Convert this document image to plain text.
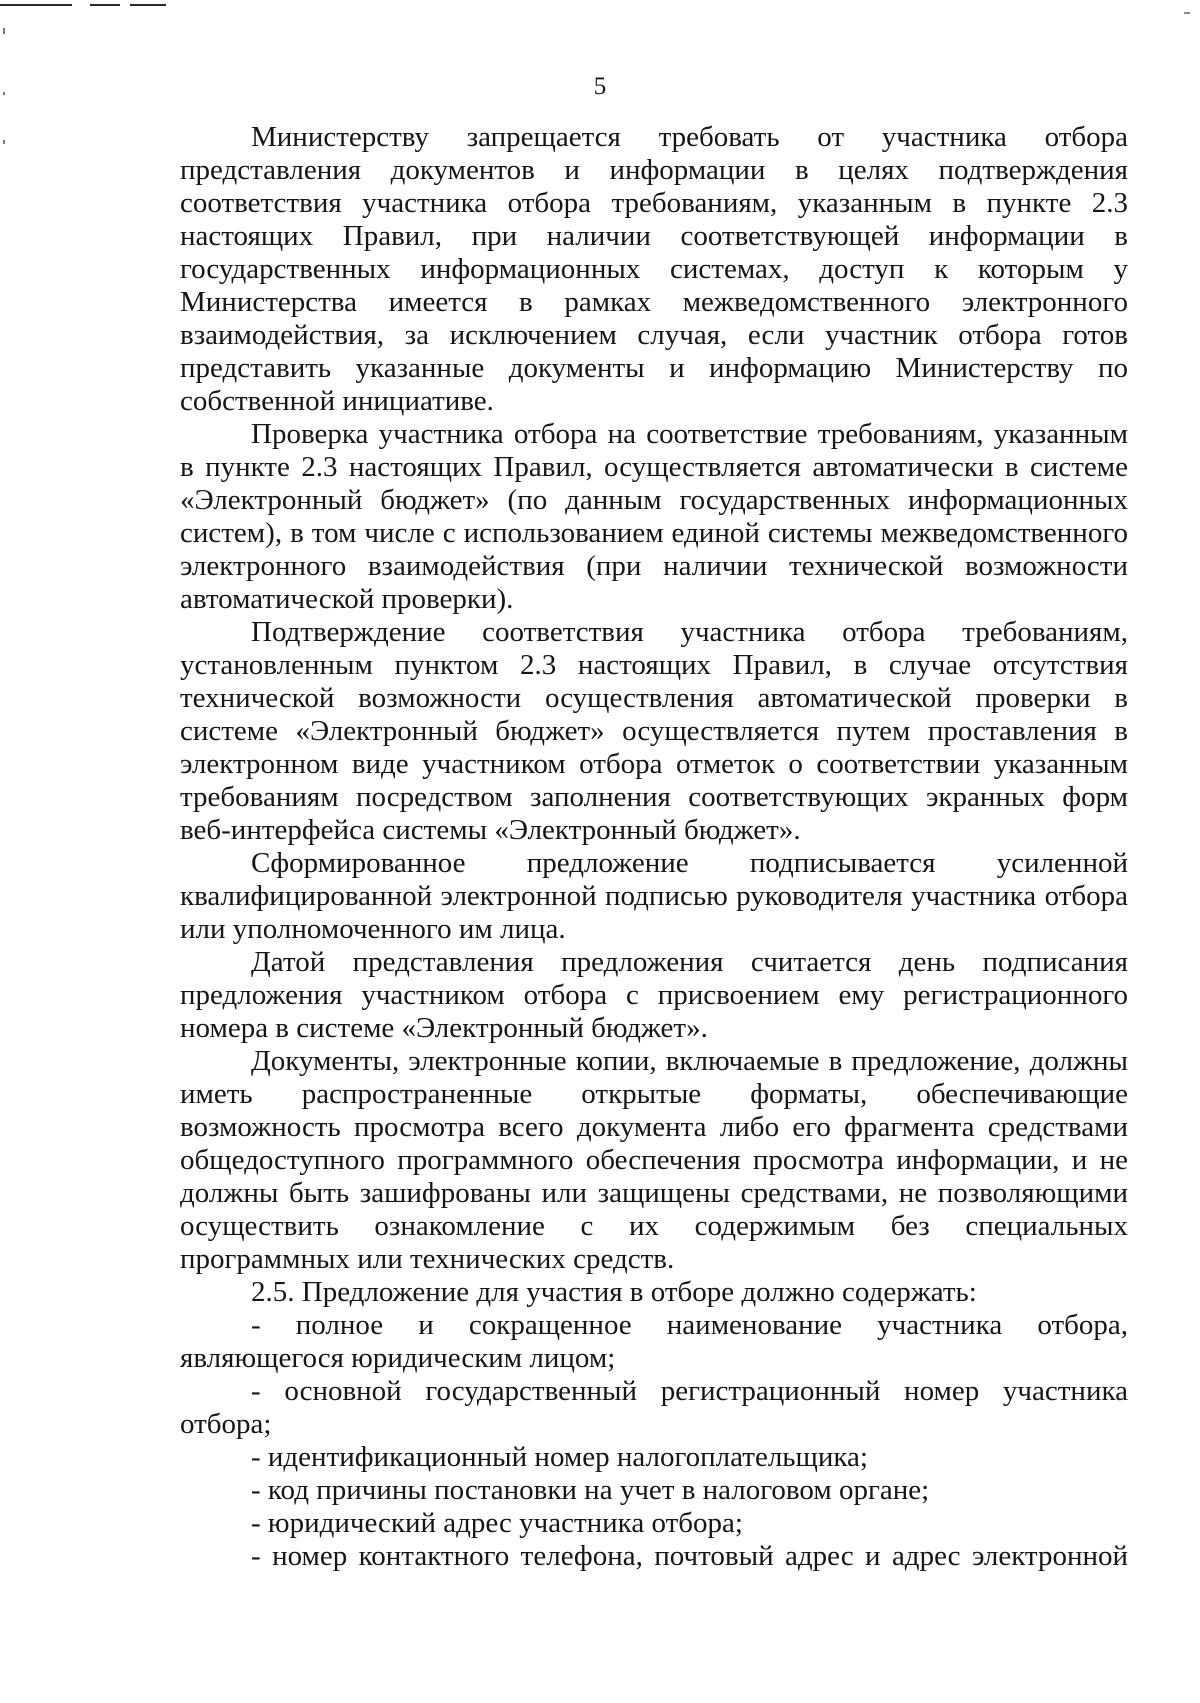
5

Министерству запрещается требовать от участника отбора представления документов и информации в целях подтверждения соответствия участника отбора требованиям, указанным в пункте 2.3 настоящих Правил, при наличии соответствующей информации в государственных информационных системах, доступ к которым у Министерства имеется в рамках межведомственного электронного взаимодействия, за исключением случая, если участник отбора готов представить указанные документы и информацию Министерству по собственной инициативе.

Проверка участника отбора на соответствие требованиям, указанным в пункте 2.3 настоящих Правил, осуществляется автоматически в системе «Электронный бюджет» (по данным государственных информационных систем), в том числе с использованием единой системы межведомственного электронного взаимодействия (при наличии технической возможности автоматической проверки).

Подтверждение соответствия участника отбора требованиям, установленным пунктом 2.3 настоящих Правил, в случае отсутствия технической возможности осуществления автоматической проверки в системе «Электронный бюджет» осуществляется путем проставления в электронном виде участником отбора отметок о соответствии указанным требованиям посредством заполнения соответствующих экранных форм веб-интерфейса системы «Электронный бюджет».

Сформированное предложение подписывается усиленной квалифицированной электронной подписью руководителя участника отбора или уполномоченного им лица.

Датой представления предложения считается день подписания предложения участником отбора с присвоением ему регистрационного номера в системе «Электронный бюджет».

Документы, электронные копии, включаемые в предложение, должны иметь распространенные открытые форматы, обеспечивающие возможность просмотра всего документа либо его фрагмента средствами общедоступного программного обеспечения просмотра информации, и не должны быть зашифрованы или защищены средствами, не позволяющими осуществить ознакомление с их содержимым без специальных программных или технических средств.

2.5. Предложение для участия в отборе должно содержать:

- полное и сокращенное наименование участника отбора, являющегося юридическим лицом;

- основной государственный регистрационный номер участника отбора;

- идентификационный номер налогоплательщика;

- код причины постановки на учет в налоговом органе;

- юридический адрес участника отбора;

- номер контактного телефона, почтовый адрес и адрес электронной
